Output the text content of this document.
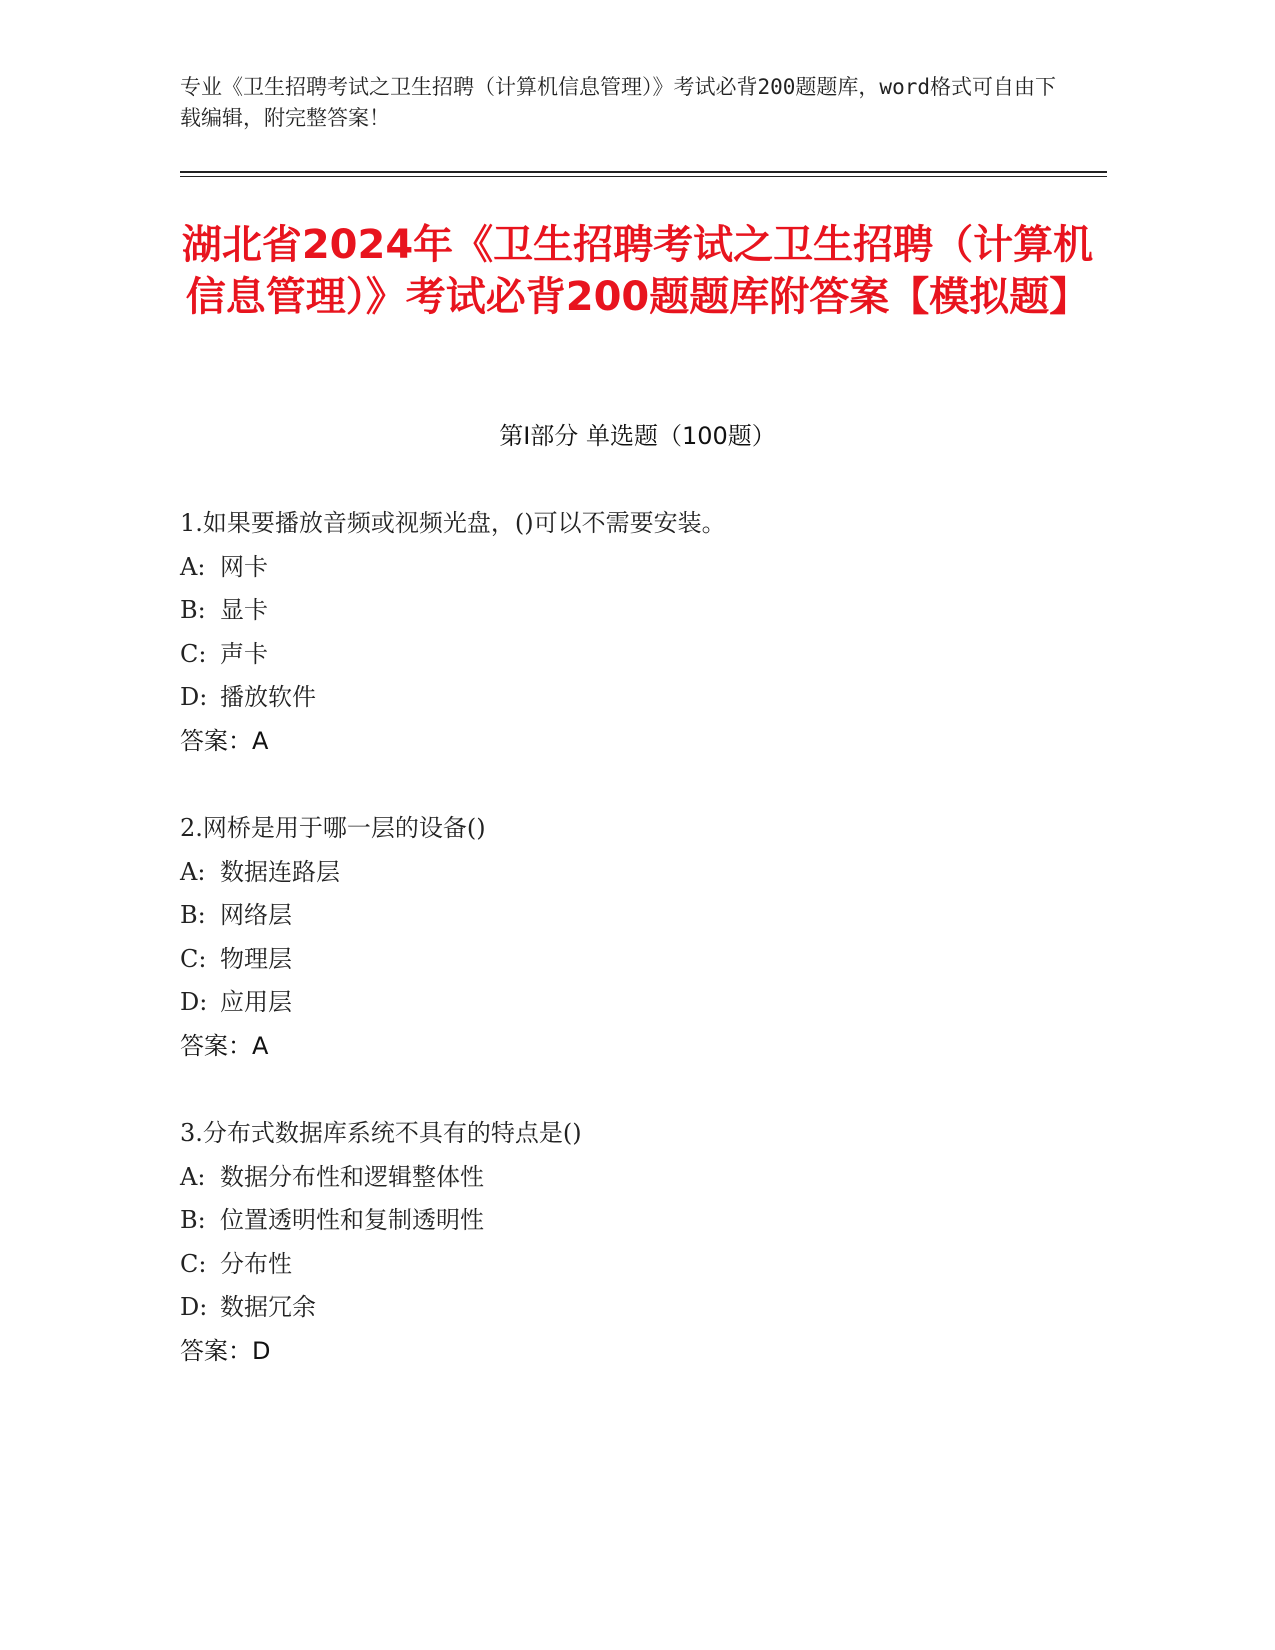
专业《卫生招聘考试之卫生招聘（计算机信息管理）》考试必背200题题库，word格式可自由下载编辑，附完整答案！
湖北省2024年《卫生招聘考试之卫生招聘（计算机信息管理）》考试必背200题题库附答案【模拟题】
第Ⅰ部分 单选题（100题）
1.如果要播放音频或视频光盘，()可以不需要安装。
A: 网卡
B: 显卡
C: 声卡
D: 播放软件
答案：A
2.网桥是用于哪一层的设备()
A: 数据连路层
B: 网络层
C: 物理层
D: 应用层
答案：A
3.分布式数据库系统不具有的特点是()
A: 数据分布性和逻辑整体性
B: 位置透明性和复制透明性
C: 分布性
D: 数据冗余
答案：D
